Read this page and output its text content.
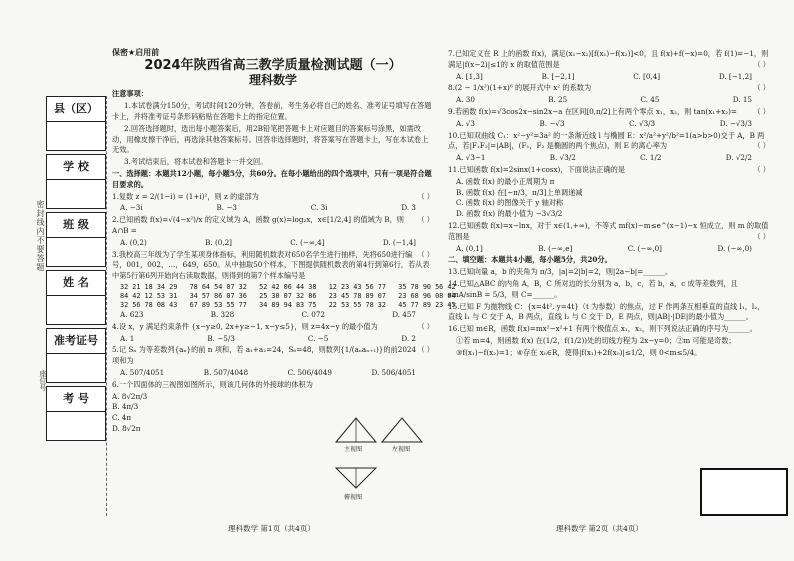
县（区）
学 校
班 级
姓 名
准考证号
考 号
密封线内不要答题
座位号
保密★启用前
2024年陕西省高三教学质量检测试题（一）
理科数学
注意事项：
1.本试卷满分150分，考试时间120分钟，答卷前，考生务必将自己的姓名、准考证号填写在答题卡上，并将准考证号条形码粘贴在答题卡上的指定位置。
2.回答选择题时，选出每小题答案后，用2B铅笔把答题卡上对应题目的答案标号涂黑，如需改动，用橡皮擦干净后，再选涂其他答案标号。回答非选择题时，将答案写在答题卡上，写在本试卷上无效。
3.考试结束后，将本试卷和答题卡一并交回。
一、选择题：本题共12小题，每小题5分，共60分。在每小题给出的四个选项中，只有一项是符合题目要求的。
（ ）
1.复数 z = 2/(1−i) = (1+i)²，则 z 的虚部为
A. −3i	B. −3	C. 3i	D. 3
（ ）
2.已知函数 f(x)=√(4−x²)/x 的定义域为 A，函数 g(x)=log₂x，x∈[1/2,4] 的值域为 B，则 A∩B =
A. (0,2)	B. (0,2]	C. (−∞,4]	D. (−1,4]
（ ）
3.我校高三年级为了学生某项身体指标，利用随机数表对650名学生进行抽样，先将650进行编号，001，002，…，649，650。从中抽取50个样本，下图提供随机数表的第4行到第6行，若从表中第5行第6列开始向右读取数据，则得到的第7个样本编号是
32 21 18 34 29   78 64 54 07 32   52 42 06 44 38   12 23 43 56 77   35 78 90 56 42
84 42 12 53 31   34 57 86 07 36   25 30 07 32 86   23 45 78 89 07   23 68 96 08 04
32 56 78 08 43   67 89 53 55 77   34 89 94 83 75   22 53 55 78 32   45 77 89 23 45
A. 623	B. 328	C. 072	D. 457
（ ）
4.设 x，y 满足约束条件 {x−y≥0, 2x+y≥−1, x−y≤5}，则 z=4x−y 的最小值为
A. 1	B. −5/3	C. −5	D. 2
（ ）
5.记 Sₙ 为等差数列{aₙ}的前 n 项和，若 a₁+a₂=24，S₆=48，则数列{1/(aₙaₙ₊₁)}的前2024项和为
A. 507/4051	B. 507/4048	C. 506/4049	D. 506/4051
6.一个四面体的三视图如图所示，则该几何体的外接球的体积为
A. 8√2π/3
B. 4π/3
C. 4π
D. 8√2π
主视图	左视图
俯视图
7.已知定义在 R 上的函数 f(x)，满足(x₁−x₂)[f(x₁)−f(x₂)]<0，且 f(x)+f(−x)=0，若 f(1)=−1，则满足|f(x−2)|≤1的 x 的取值范围是	（ ）
A. [1,3]	B. [−2,1]	C. [0,4]	D. [−1,2]
（ ）
8.(2 − 1/x²)(1+x)⁶ 的展开式中 x² 的系数为
A. 30	B. 25	C. 45	D. 15
9.若函数 f(x)=√3cos2x−sin2x−a 在区间[0,π/2]上有两个零点 x₁，x₂，则 tan(x₁+x₂)= （ ）
A. √3	B. −√3	C. √3/3	D. −√3/3
10.已知双曲线 C₁：x²−y²=3a² 的一条渐近线 l 与椭圆 E：x²/a²+y²/b²=1(a>b>0)交于 A，B 两点，若|F₁F₂|=|AB|，(F₁，F₂ 是椭圆的两个焦点)，则 E 的离心率为	（ ）
A. √3−1	B. √3/2	C. 1/2	D. √2/2
（ ）
11.已知函数 f(x)=2sinx(1+cosx)，下面说法正确的是
A. 函数 f(x) 的最小正周期为 π
B. 函数 f(x) 在[−π/3，π/3]上单调递减
C. 函数 f(x) 的图像关于 y 轴对称
D. 函数 f(x) 的最小值为 −3√3/2
12.已知函数 f(x)=x−lnx，对于 x∈(1,+∞)，不等式 mf(x)−m≤e^(x−1)−x 恒成立，则 m 的取值范围是	（ ）
A. (0,1]	B. (−∞,e]	C. (−∞,0]	D. (−∞,0)
二、填空题：本题共4小题，每小题5分，共20分。
13.已知向量 a，b 的夹角为 π/3，|a|=2|b|=2，则|2a−b|=______。
14.已知△ABC 的内角 A，B，C 所对边的长分别为 a，b，c，若 b，a，c 成等差数列，且 sinA/sinB = 5/3，则 C=______。
15.已知 F 为抛物线 C：{x=4t², y=4t}（t 为参数）的焦点，过 F 作两条互相垂直的直线 l₁，l₂，直线 l₁ 与 C 交于 A，B 两点，直线 l₂ 与 C 交于 D，E 两点，则|AB|·|DE|的最小值为______。
16.已知 m∈R，函数 f(x)=mx²−x²+1 有两个极值点 x₁，x₂，则下列说法正确的序号为______。
①若 m=4，则函数 f(x) 在(1/2，f(1/2))处的切线方程为 2x−y=0；②m 可能是奇数；
③f(x₁)−f(x₂)=1；④存在 x₀∈R，使得|f(x₁)+2f(x₀)|≤1/2，则 0<m≤5/4。
理科数学 第1页（共4页）	理科数学 第2页（共4页）
